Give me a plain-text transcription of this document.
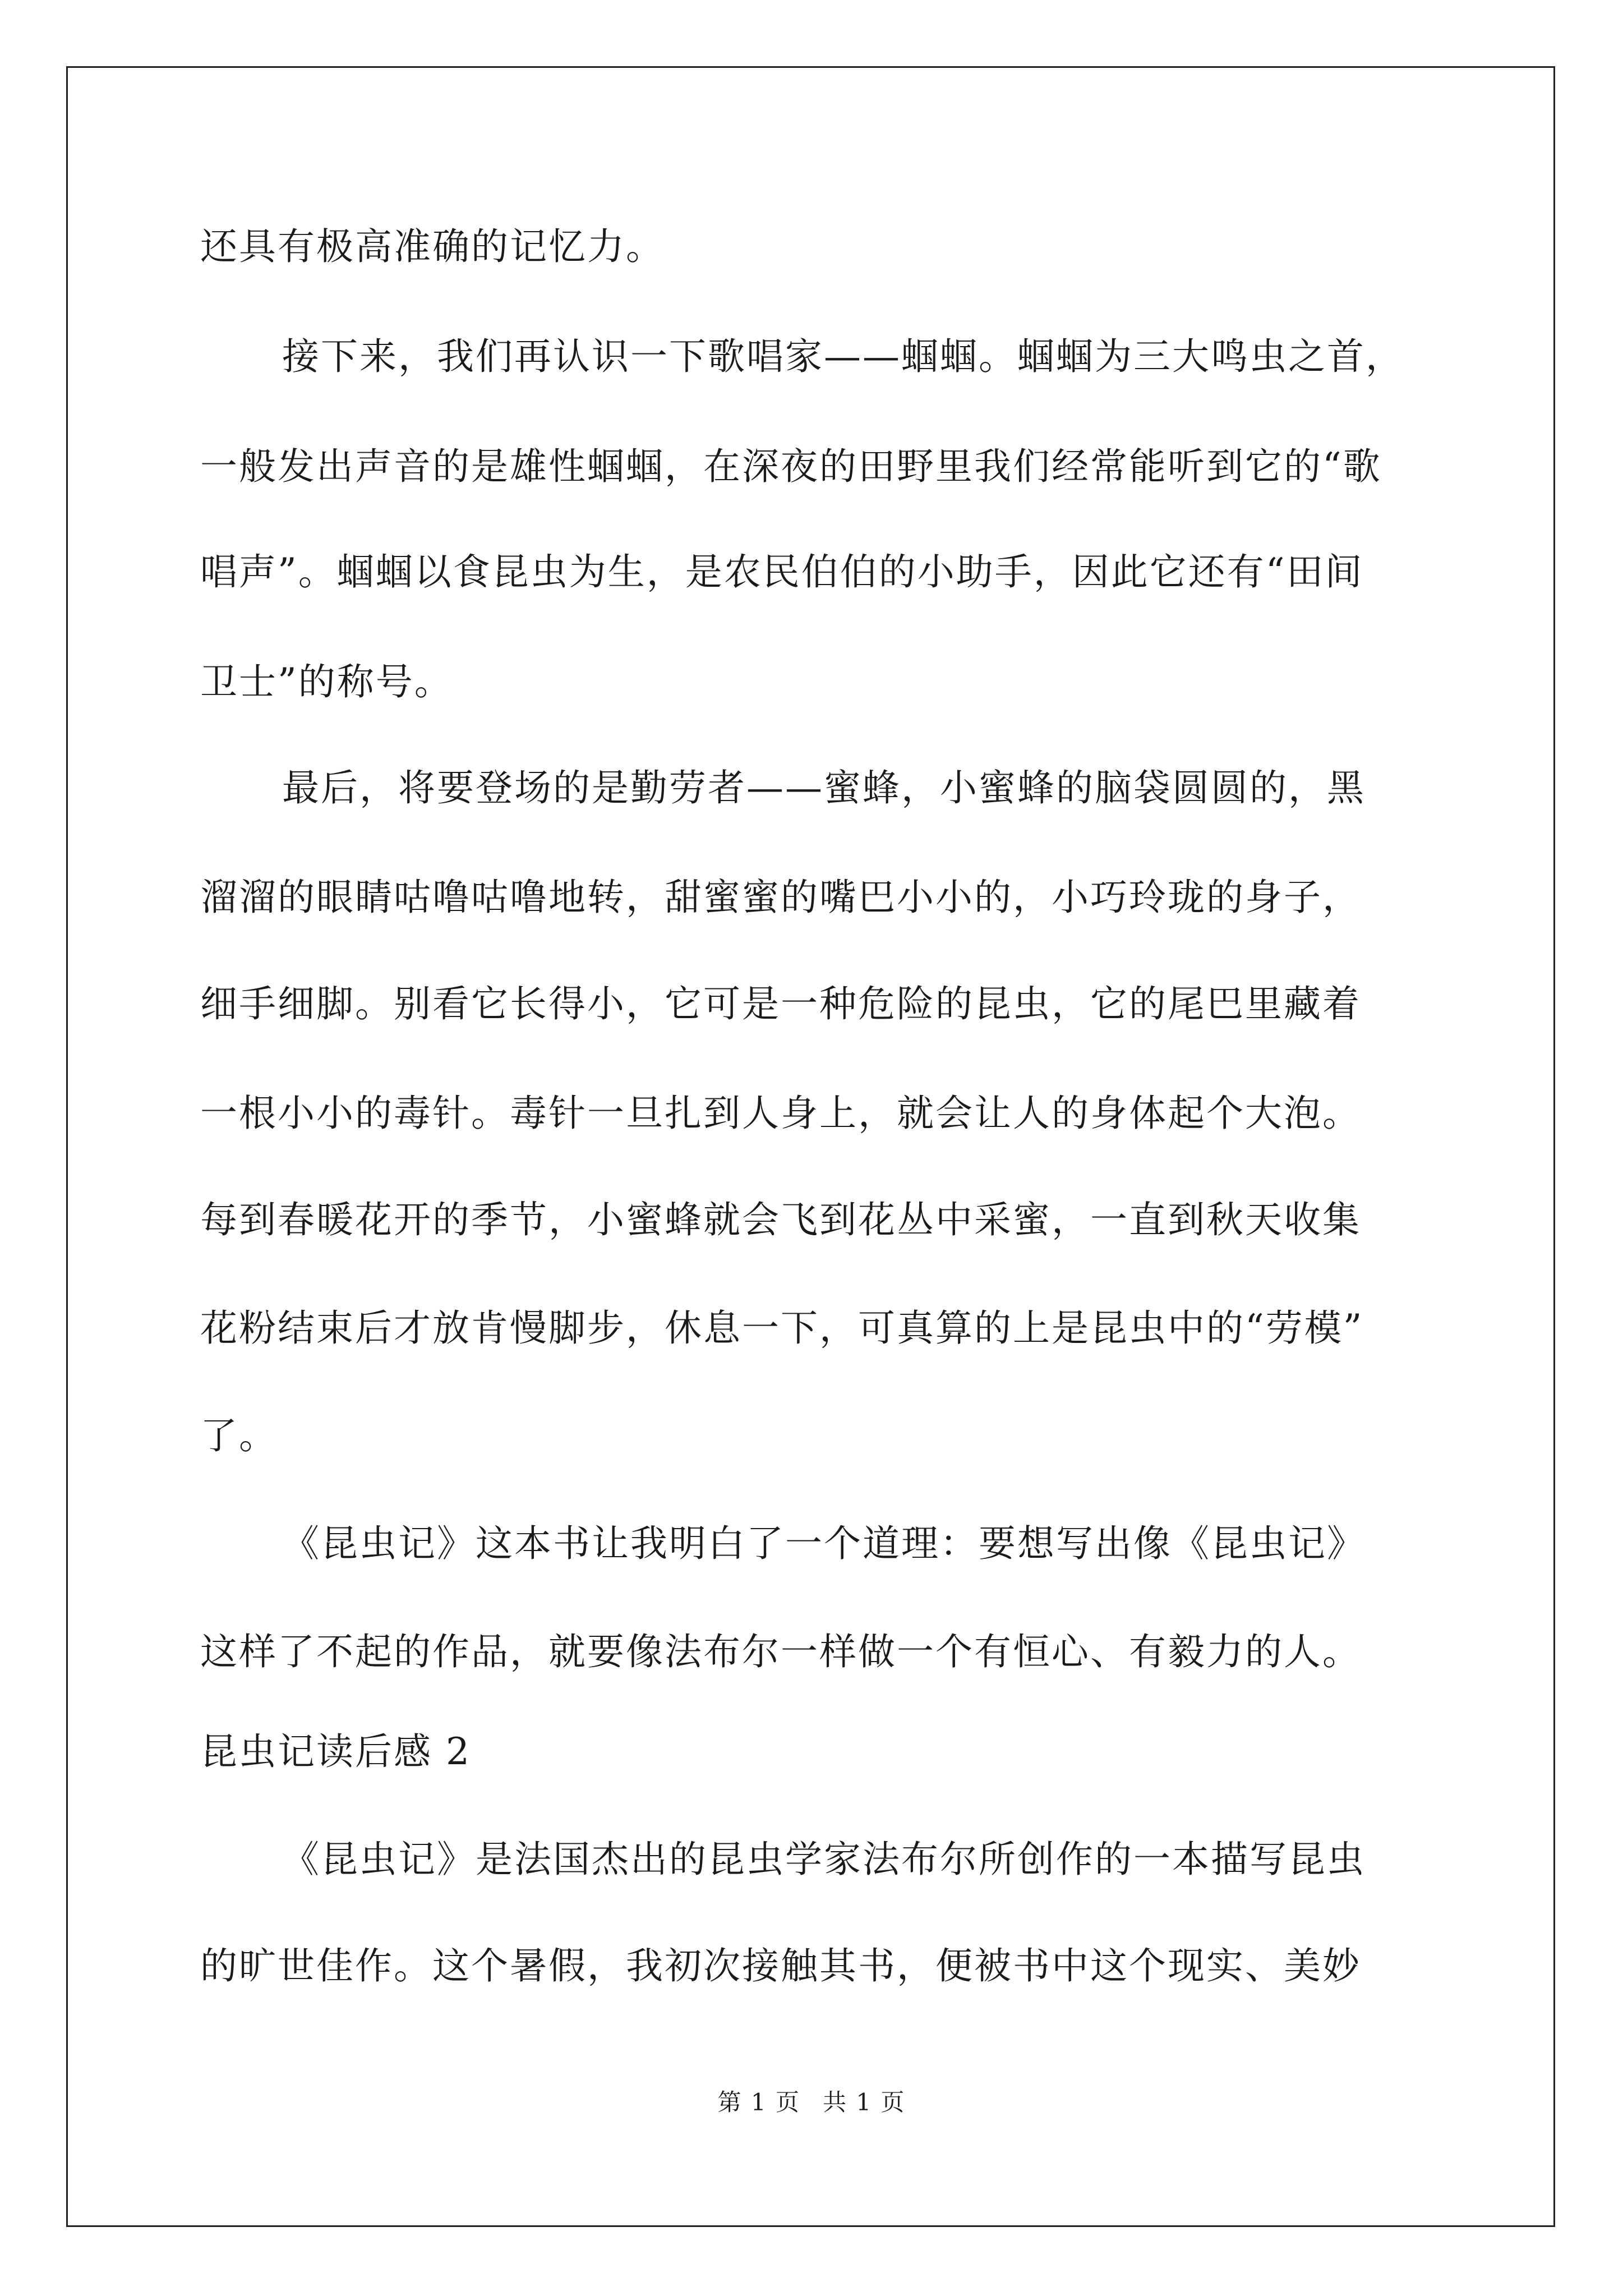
还具有极高准确的记忆力。
接下来，我们再认识一下歌唱家——蝈蝈。蝈蝈为三大鸣虫之首，
一般发出声音的是雄性蝈蝈，在深夜的田野里我们经常能听到它的“歌
唱声”。蝈蝈以食昆虫为生，是农民伯伯的小助手，因此它还有“田间
卫士”的称号。
最后，将要登场的是勤劳者——蜜蜂，小蜜蜂的脑袋圆圆的，黑
溜溜的眼睛咕噜咕噜地转，甜蜜蜜的嘴巴小小的，小巧玲珑的身子，
细手细脚。别看它长得小，它可是一种危险的昆虫，它的尾巴里藏着
一根小小的毒针。毒针一旦扎到人身上，就会让人的身体起个大泡。
每到春暖花开的季节，小蜜蜂就会飞到花丛中采蜜，一直到秋天收集
花粉结束后才放肯慢脚步，休息一下，可真算的上是昆虫中的“劳模”
了。
《昆虫记》这本书让我明白了一个道理：要想写出像《昆虫记》
这样了不起的作品，就要像法布尔一样做一个有恒心、有毅力的人。
昆虫记读后感 2
《昆虫记》是法国杰出的昆虫学家法布尔所创作的一本描写昆虫
的旷世佳作。这个暑假，我初次接触其书，便被书中这个现实、美妙
第 1 页 共 1 页
